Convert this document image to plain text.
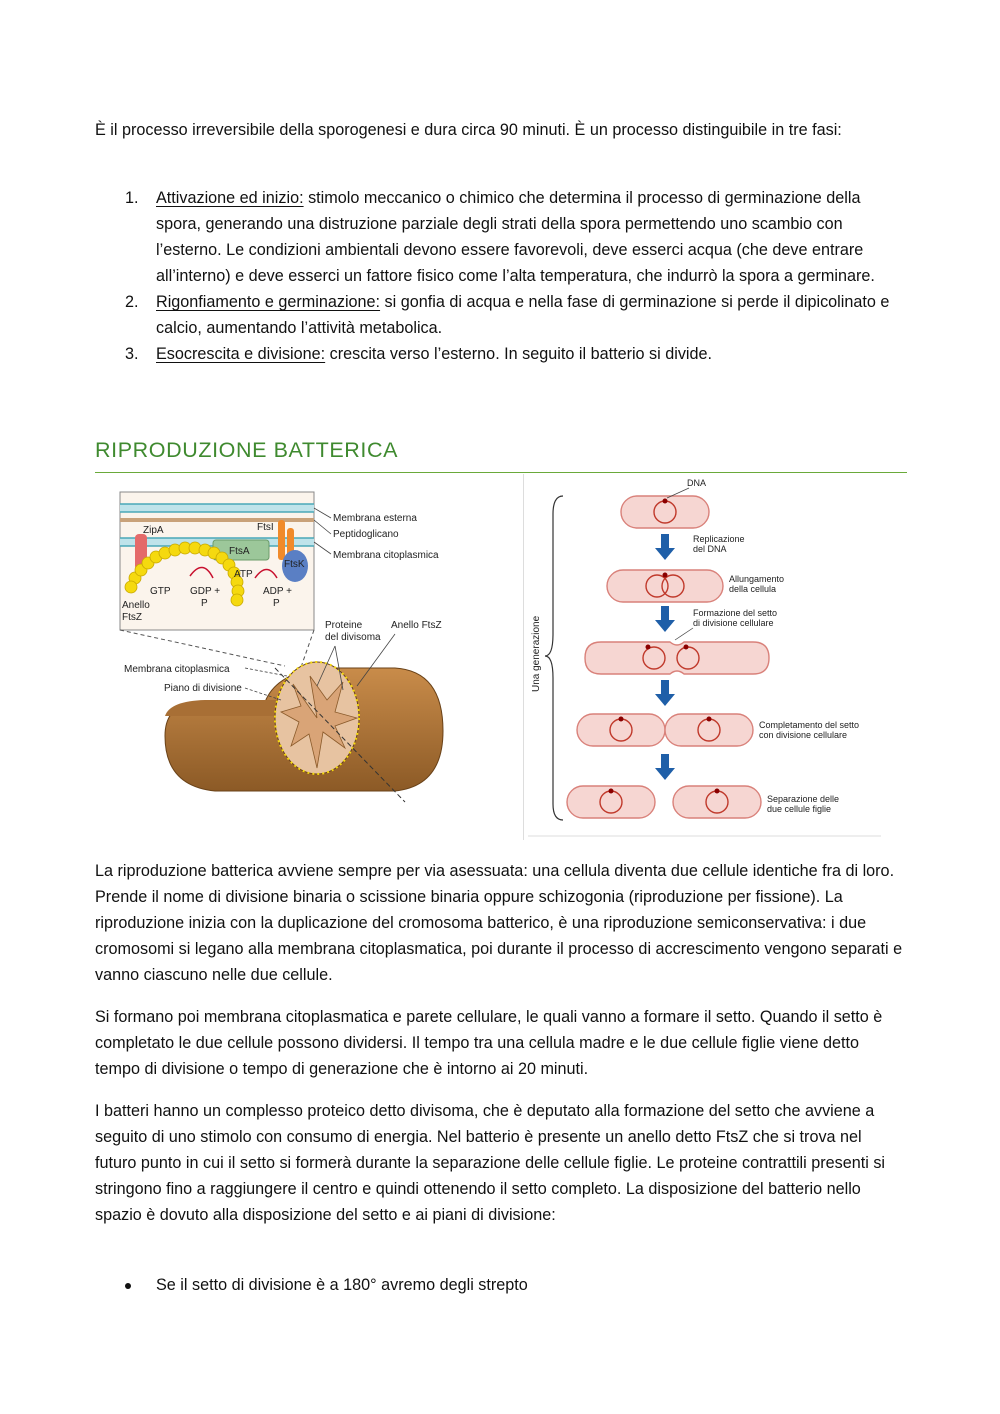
È il processo irreversibile della sporogenesi e dura circa 90 minuti. È un processo distinguibile in tre fasi:

1. Attivazione ed inizio: stimolo meccanico o chimico che determina il processo di germinazione della spora, generando una distruzione parziale degli strati della spora permettendo uno scambio con l’esterno. Le condizioni ambientali devono essere favorevoli, deve esserci acqua (che deve entrare all’interno) e deve esserci un fattore fisico come l’alta temperatura, che indurrò la spora a germinare.
2. Rigonfiamento e germinazione: si gonfia di acqua e nella fase di germinazione si perde il dipicolinato e calcio, aumentando l’attività metabolica.
3. Esocrescita e divisione: crescita verso l’esterno. In seguito il batterio si divide.
RIPRODUZIONE BATTERICA
ZipA	FtsI
FtsA
FtsK
ATP
GTP GDP +	ADP +
P	P
Anello
FtsZ
Membrana esterna
Peptidoglicano
Membrana citoplasmica
Proteine
del divisoma
Anello FtsZ
Membrana citoplasmica
Piano di divisione	Una generazione
DNA
Replicazione
del DNA
Allungamento
della cellula
Formazione del setto
di divisione cellulare
Completamento del setto
con divisione cellulare
Separazione delle
due cellule figlie

La riproduzione batterica avviene sempre per via asessuata: una cellula diventa due cellule identiche fra di loro. Prende il nome di divisione binaria o scissione binaria oppure schizogonia (riproduzione per fissione). La riproduzione inizia con la duplicazione del cromosoma batterico, è una riproduzione semiconservativa: i due cromosomi si legano alla membrana citoplasmatica, poi durante il processo di accrescimento vengono separati e vanno ciascuno nelle due cellule.

Si formano poi membrana citoplasmatica e parete cellulare, le quali vanno a formare il setto. Quando il setto è completato le due cellule possono dividersi. Il tempo tra una cellula madre e le due cellule figlie viene detto tempo di divisione o tempo di generazione che è intorno ai 20 minuti.

I batteri hanno un complesso proteico detto divisoma, che è deputato alla formazione del setto che avviene a seguito di uno stimolo con consumo di energia. Nel batterio è presente un anello detto FtsZ che si trova nel futuro punto in cui il setto si formerà durante la separazione delle cellule figlie. Le proteine contrattili presenti si stringono fino a raggiungere il centro e quindi ottenendo il setto completo. La disposizione del batterio nello spazio è dovuto alla disposizione del setto e ai piani di divisione:

Se il setto di divisione è a 180° avremo degli strepto
